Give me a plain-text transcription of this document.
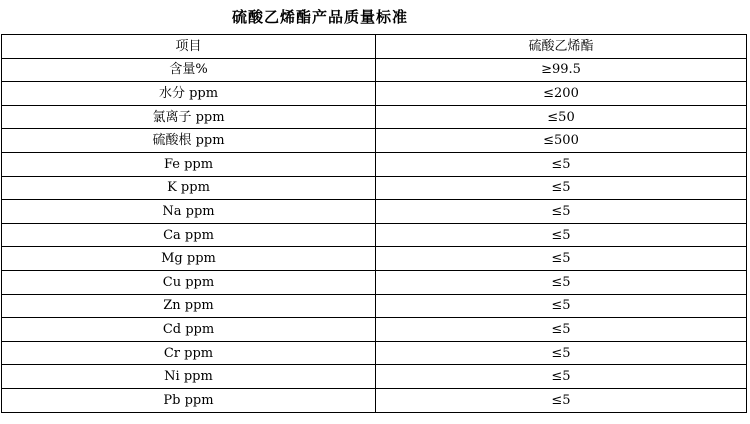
硫酸乙烯酯产品质量标准
项目	硫酸乙烯酯
含量%	≥99.5
水分 ppm	≤200
氯离子 ppm	≤50
硫酸根 ppm	≤500
Fe ppm	≤5
K ppm	≤5
Na ppm	≤5
Ca ppm	≤5
Mg ppm	≤5
Cu ppm	≤5
Zn ppm	≤5
Cd ppm	≤5
Cr ppm	≤5
Ni ppm	≤5
Pb ppm	≤5
